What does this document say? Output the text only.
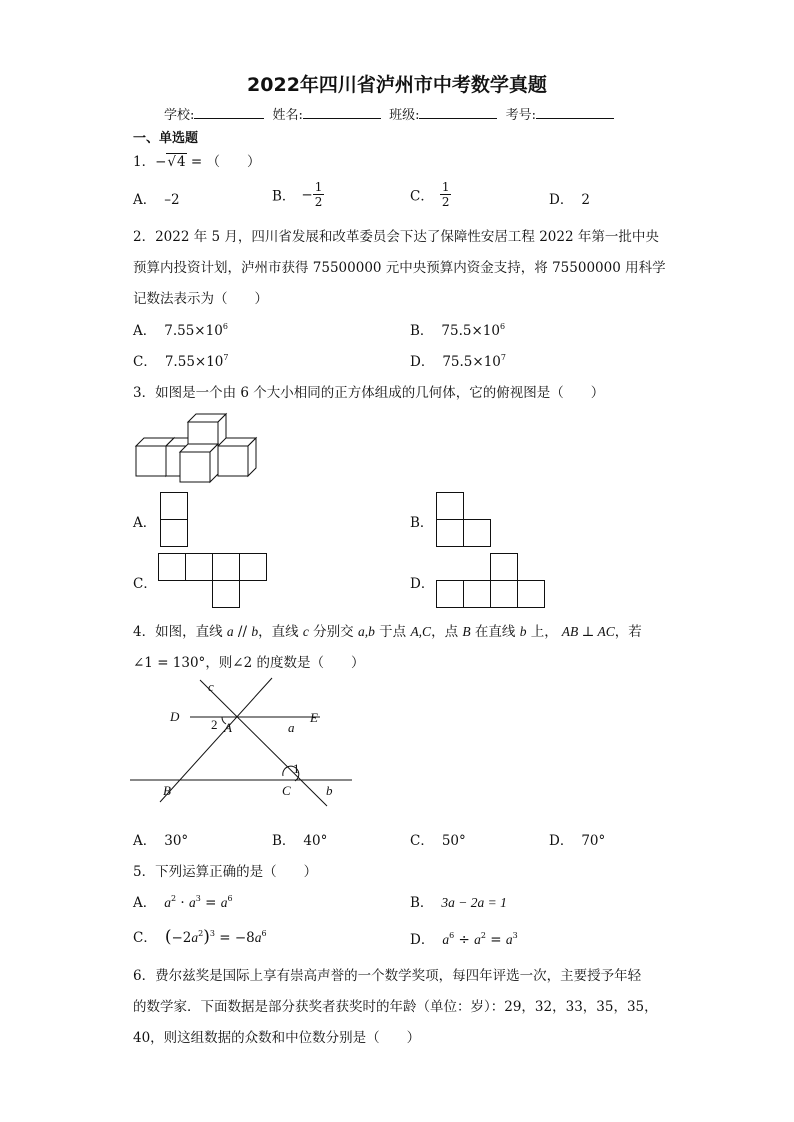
2022年四川省泸州市中考数学真题
学校:	姓名:	班级:	考号:
一、单选题
1．−√4 = （　　）
A． –2	B． − $\frac{1}{2}$	C． $\frac{1}{2}$	D． 2
2．2022 年 5 月，四川省发展和改革委员会下达了保障性安居工程 2022 年第一批中央
预算内投资计划，泸州市获得 75500000 元中央预算内资金支持，将 75500000 用科学
记数法表示为（　　）
A． $7.55\times 10^6$	B． $75.5\times 10^6$
C． $7.55\times 10^7$	D． $75.5\times 10^7$
3．如图是一个由 6 个大小相同的正方体组成的几何体，它的俯视图是（　　）
A．	B．
C．	D．
4．如图，直线 a // b，直线 c 分别交 a,b 于点 A,C，点 B 在直线 b 上， AB ⊥ AC，若
∠1 = 130°，则∠2 的度数是（　　）
c
D	E
2 A	a
1
B	C	b
A． 30°	B． 40°	C． 50°	D． 70°
5．下列运算正确的是（　　）
A． $a^2 \cdot a^3 = a^6$	B． 3a − 2a = 1
C． $(-2a^2)^3 = -8a^6$	D． $a^6 \div a^2 = a^3$
6．费尔兹奖是国际上享有崇高声誉的一个数学奖项，每四年评选一次，主要授予年轻
的数学家．下面数据是部分获奖者获奖时的年龄（单位：岁）：29，32，33，35，35，
40，则这组数据的众数和中位数分别是（　　）
